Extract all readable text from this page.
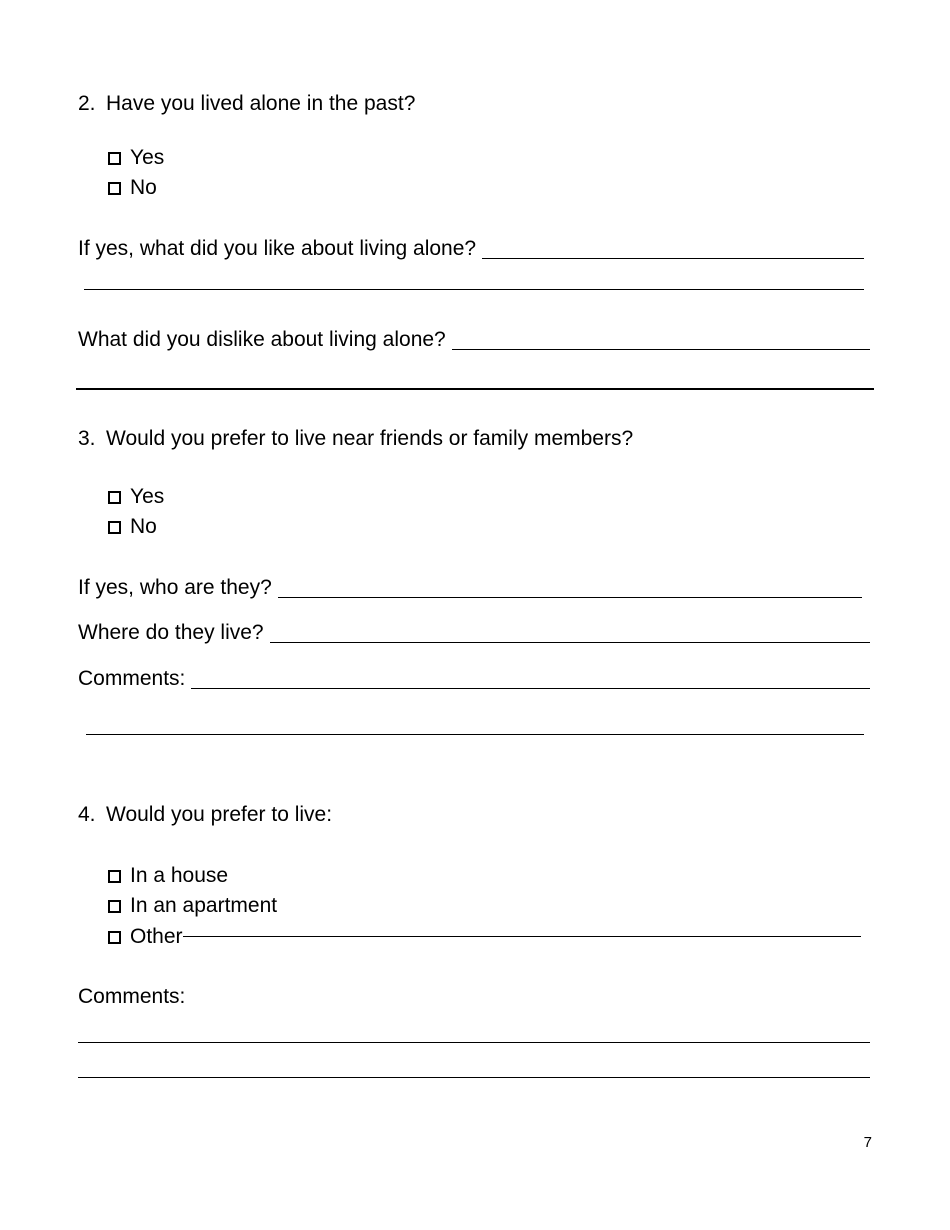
2. Have you lived alone in the past?
Yes
No
If yes, what did you like about living alone?
What did you dislike about living alone?
3. Would you prefer to live near friends or family members?
Yes
No
If yes, who are they?
Where do they live?
Comments:
4. Would you prefer to live:
In a house
In an apartment
Other
Comments:
7
